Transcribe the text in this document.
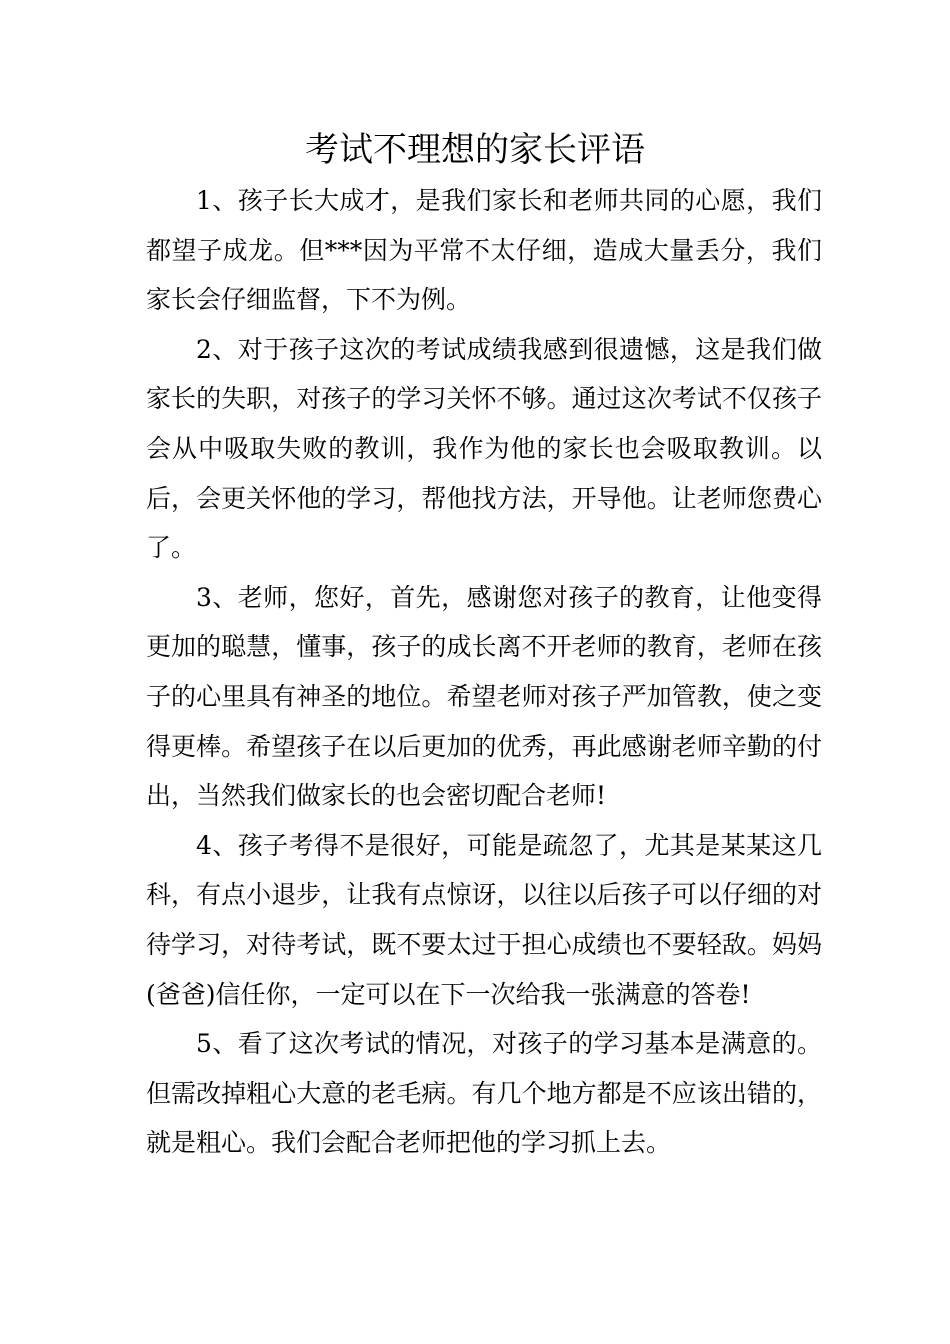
考试不理想的家长评语

1、孩子长大成才，是我们家长和老师共同的心愿，我们都望子成龙。但***因为平常不太仔细，造成大量丢分，我们家长会仔细监督，下不为例。

2、对于孩子这次的考试成绩我感到很遗憾，这是我们做家长的失职，对孩子的学习关怀不够。通过这次考试不仅孩子会从中吸取失败的教训，我作为他的家长也会吸取教训。以后，会更关怀他的学习，帮他找方法，开导他。让老师您费心了。

3、老师，您好，首先，感谢您对孩子的教育，让他变得更加的聪慧，懂事，孩子的成长离不开老师的教育，老师在孩子的心里具有神圣的地位。希望老师对孩子严加管教，使之变得更棒。希望孩子在以后更加的优秀，再此感谢老师辛勤的付出，当然我们做家长的也会密切配合老师!

4、孩子考得不是很好，可能是疏忽了，尤其是某某这几科，有点小退步，让我有点惊讶，以往以后孩子可以仔细的对待学习，对待考试，既不要太过于担心成绩也不要轻敌。妈妈(爸爸)信任你，一定可以在下一次给我一张满意的答卷!

5、看了这次考试的情况，对孩子的学习基本是满意的。但需改掉粗心大意的老毛病。有几个地方都是不应该出错的，就是粗心。我们会配合老师把他的学习抓上去。
